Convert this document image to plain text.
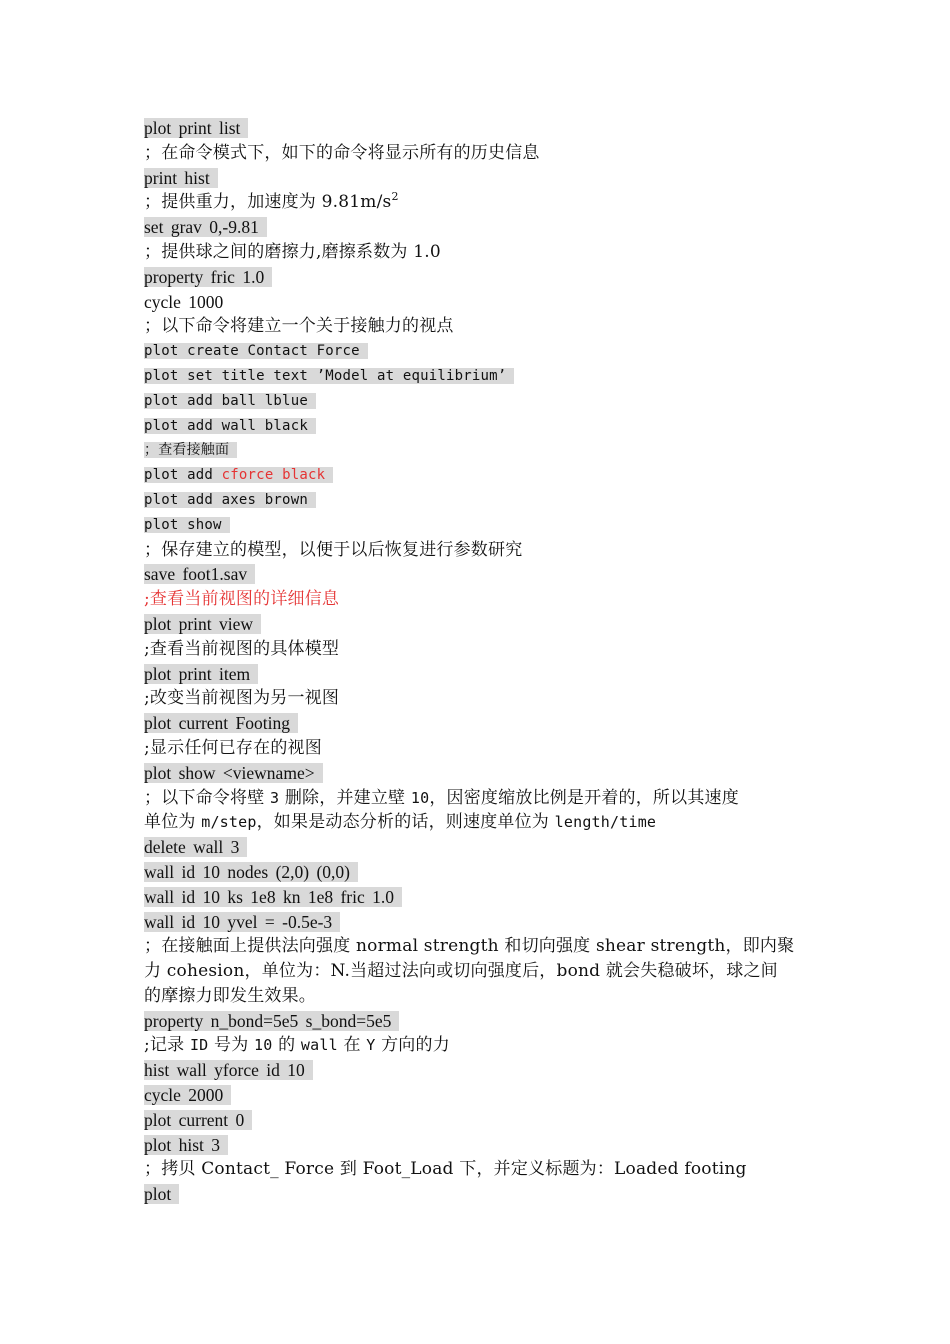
plot print list
；在命令模式下，如下的命令将显示所有的历史信息
print hist
；提供重力，加速度为 $9.81m/s^2$
set grav 0,-9.81
；提供球之间的磨擦力,磨擦系数为 1.0
property fric 1.0
cycle 1000
；以下命令将建立一个关于接触力的视点
plot create Contact Force
plot set title text ’Model at equilibrium’
plot add ball lblue
plot add wall black
；查看接触面
plot add cforce black
plot add axes brown
plot show
；保存建立的模型，以便于以后恢复进行参数研究
save foot1.sav
;查看当前视图的详细信息
plot print view
;查看当前视图的具体模型
plot print item
;改变当前视图为另一视图
plot current Footing
;显示任何已存在的视图
plot show <viewname>
；以下命令将壁 3 删除，并建立壁 10，因密度缩放比例是开着的，所以其速度
单位为 m/step，如果是动态分析的话，则速度单位为 length/time
delete wall 3
wall id 10 nodes (2,0) (0,0)
wall id 10 ks 1e8 kn 1e8 fric 1.0
wall id 10 yvel = -0.5e-3
；在接触面上提供法向强度 normal strength 和切向强度 shear strength，即内聚
力 cohesion，单位为：N.当超过法向或切向强度后，bond 就会失稳破坏，球之间
的摩擦力即发生效果。
property n_bond=5e5 s_bond=5e5
;记录 ID 号为 10 的 wall 在 Y 方向的力
hist wall yforce id 10
cycle 2000
plot current 0
plot hist 3
；拷贝 Contact_ Force 到 Foot_Load 下，并定义标题为：Loaded footing
plot
